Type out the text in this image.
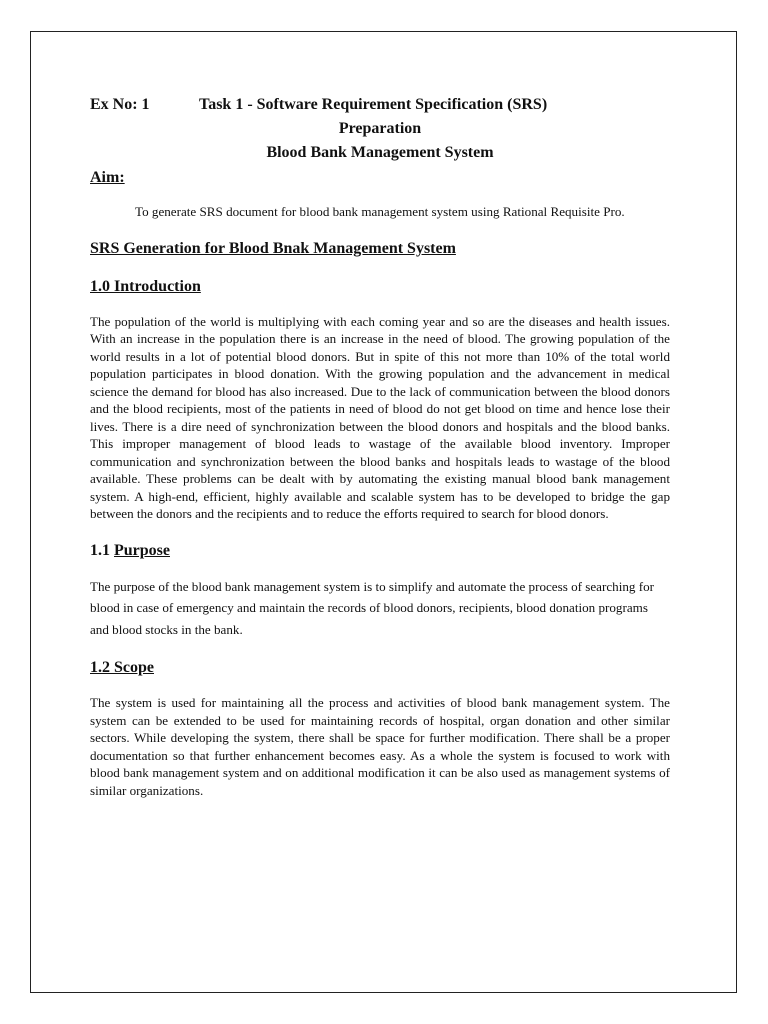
Ex No: 1	Task 1 - Software Requirement Specification (SRS)
Preparation
Blood Bank Management System
Aim:

To generate SRS document for blood bank management system using Rational Requisite Pro.

SRS Generation for Blood Bnak Management System
1.0 Introduction

The population of the world is multiplying with each coming year and so are the diseases and health issues. With an increase in the population there is an increase in the need of blood. The growing population of the world results in a lot of potential blood donors. But in spite of this not more than 10% of the total world population participates in blood donation. With the growing population and the advancement in medical science the demand for blood has also increased. Due to the lack of communication between the blood donors and the blood recipients, most of the patients in need of blood do not get blood on time and hence lose their lives. There is a dire need of synchronization between the blood donors and hospitals and the blood banks. This improper management of blood leads to wastage of the available blood inventory. Improper communication and synchronization between the blood banks and hospitals leads to wastage of the blood available. These problems can be dealt with by automating the existing manual blood bank management system. A high-end, efficient, highly available and scalable system has to be developed to bridge the gap between the donors and the recipients and to reduce the efforts required to search for blood donors.

1.1 Purpose

The purpose of the blood bank management system is to simplify and automate the process of searching for blood in case of emergency and maintain the records of blood donors, recipients, blood donation programs and blood stocks in the bank.

1.2 Scope

The system is used for maintaining all the process and activities of blood bank management system. The system can be extended to be used for maintaining records of hospital, organ donation and other similar sectors. While developing the system, there shall be space for further modification. There shall be a proper documentation so that further enhancement becomes easy. As a whole the system is focused to work with blood bank management system and on additional modification it can be also used as management systems of similar organizations.
